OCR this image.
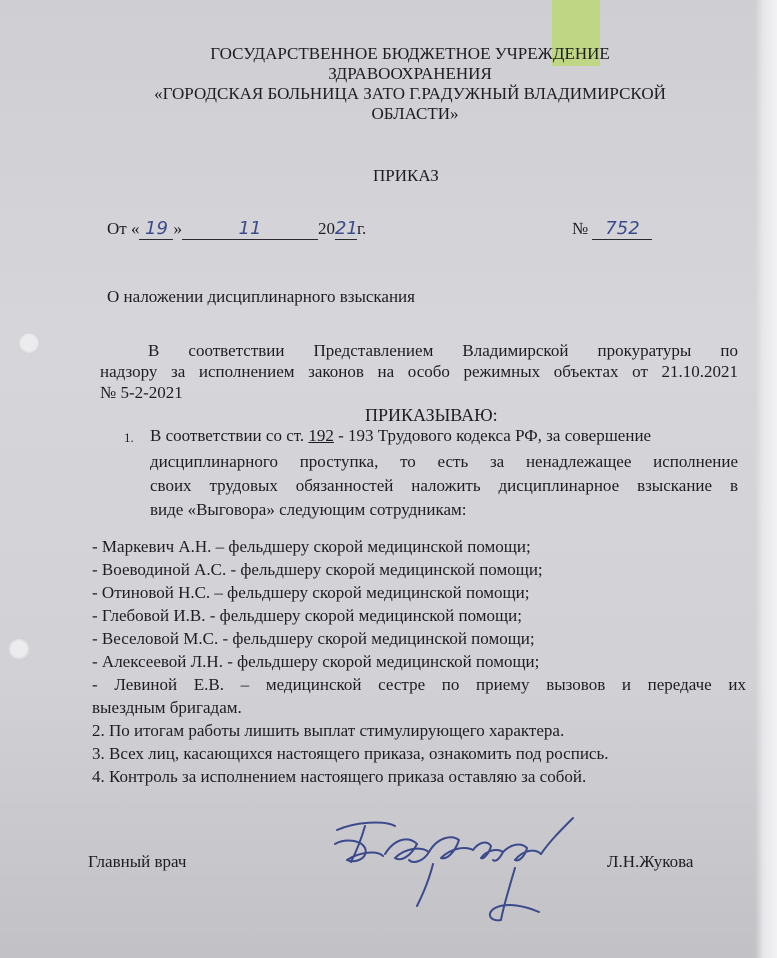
ГОСУДАРСТВЕННОЕ БЮДЖЕТНОЕ УЧРЕЖДЕНИЕ
ЗДРАВООХРАНЕНИЯ
«ГОРОДСКАЯ БОЛЬНИЦА ЗАТО Г.РАДУЖНЫЙ ВЛАДИМИРСКОЙ
ОБЛАСТИ»
ПРИКАЗ
От « 19 »	11	2021г.	№ 752
О наложении дисциплинарного взыскания
В соответствии Представлением Владимирской прокуратуры по
надзору за исполнением законов на особо режимных объектах от 21.10.2021
№ 5-2-2021
ПРИКАЗЫВАЮ:
1. В соответствии со ст. 192 - 193 Трудового кодекса РФ, за совершение
дисциплинарного проступка, то есть за ненадлежащее исполнение
своих трудовых обязанностей наложить дисциплинарное взыскание в
виде «Выговора» следующим сотрудникам:
- Маркевич А.Н. – фельдшеру скорой медицинской помощи;
- Воеводиной А.С. - фельдшеру скорой медицинской помощи;
- Отиновой Н.С. – фельдшеру скорой медицинской помощи;
- Глебовой И.В. - фельдшеру скорой медицинской помощи;
- Веселовой М.С. - фельдшеру скорой медицинской помощи;
- Алексеевой Л.Н. - фельдшеру скорой медицинской помощи;
- Левиной Е.В. – медицинской сестре по приему вызовов и передаче их
выездным бригадам.
2. По итогам работы лишить выплат стимулирующего характера.
3. Всех лиц, касающихся настоящего приказа, ознакомить под роспись.
4. Контроль за исполнением настоящего приказа оставляю за собой.
Главный врач	Л.Н.Жукова
